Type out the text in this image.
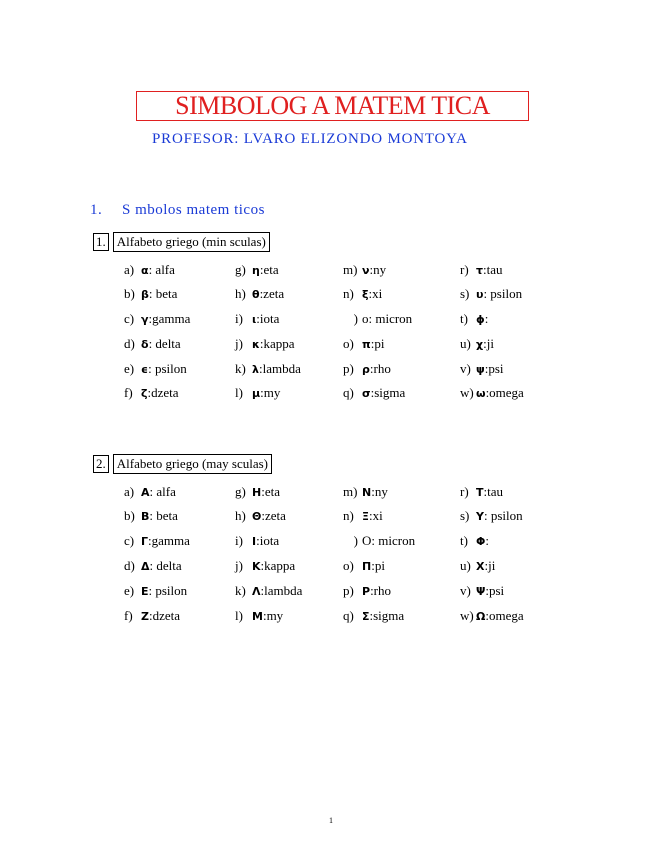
SIMBOLOG A MATEM TICA
PROFESOR: LVARO ELIZONDO MONTOYA
1. S mbolos matem ticos
1. Alfabeto griego (min sculas)
a) α: alfa
b) β: beta
c) γ:gamma
d) δ: delta
e) ϵ: psilon
f) ζ:dzeta
g) η:eta
h) θ:zeta
i) ι:iota
j) κ:kappa
k) λ:lambda
l) μ:my
m) ν:ny
n) ξ:xi
) o: micron
o) π:pi
p) ρ:rho
q) σ:sigma
r) τ:tau
s) υ: psilon
t) ϕ:
u) χ:ji
v) ψ:psi
w) ω:omega
2. Alfabeto griego (may sculas)
a) A: alfa
b) B: beta
c) Γ:gamma
d) Δ: delta
e) E: psilon
f) Z:dzeta
g) H:eta
h) Θ:zeta
i) I:iota
j) K:kappa
k) Λ:lambda
l) M:my
m) N:ny
n) Ξ:xi
) O: micron
o) Π:pi
p) P:rho
q) Σ:sigma
r) T:tau
s) Y: psilon
t) Φ:
u) X:ji
v) Ψ:psi
w) Ω:omega
1
